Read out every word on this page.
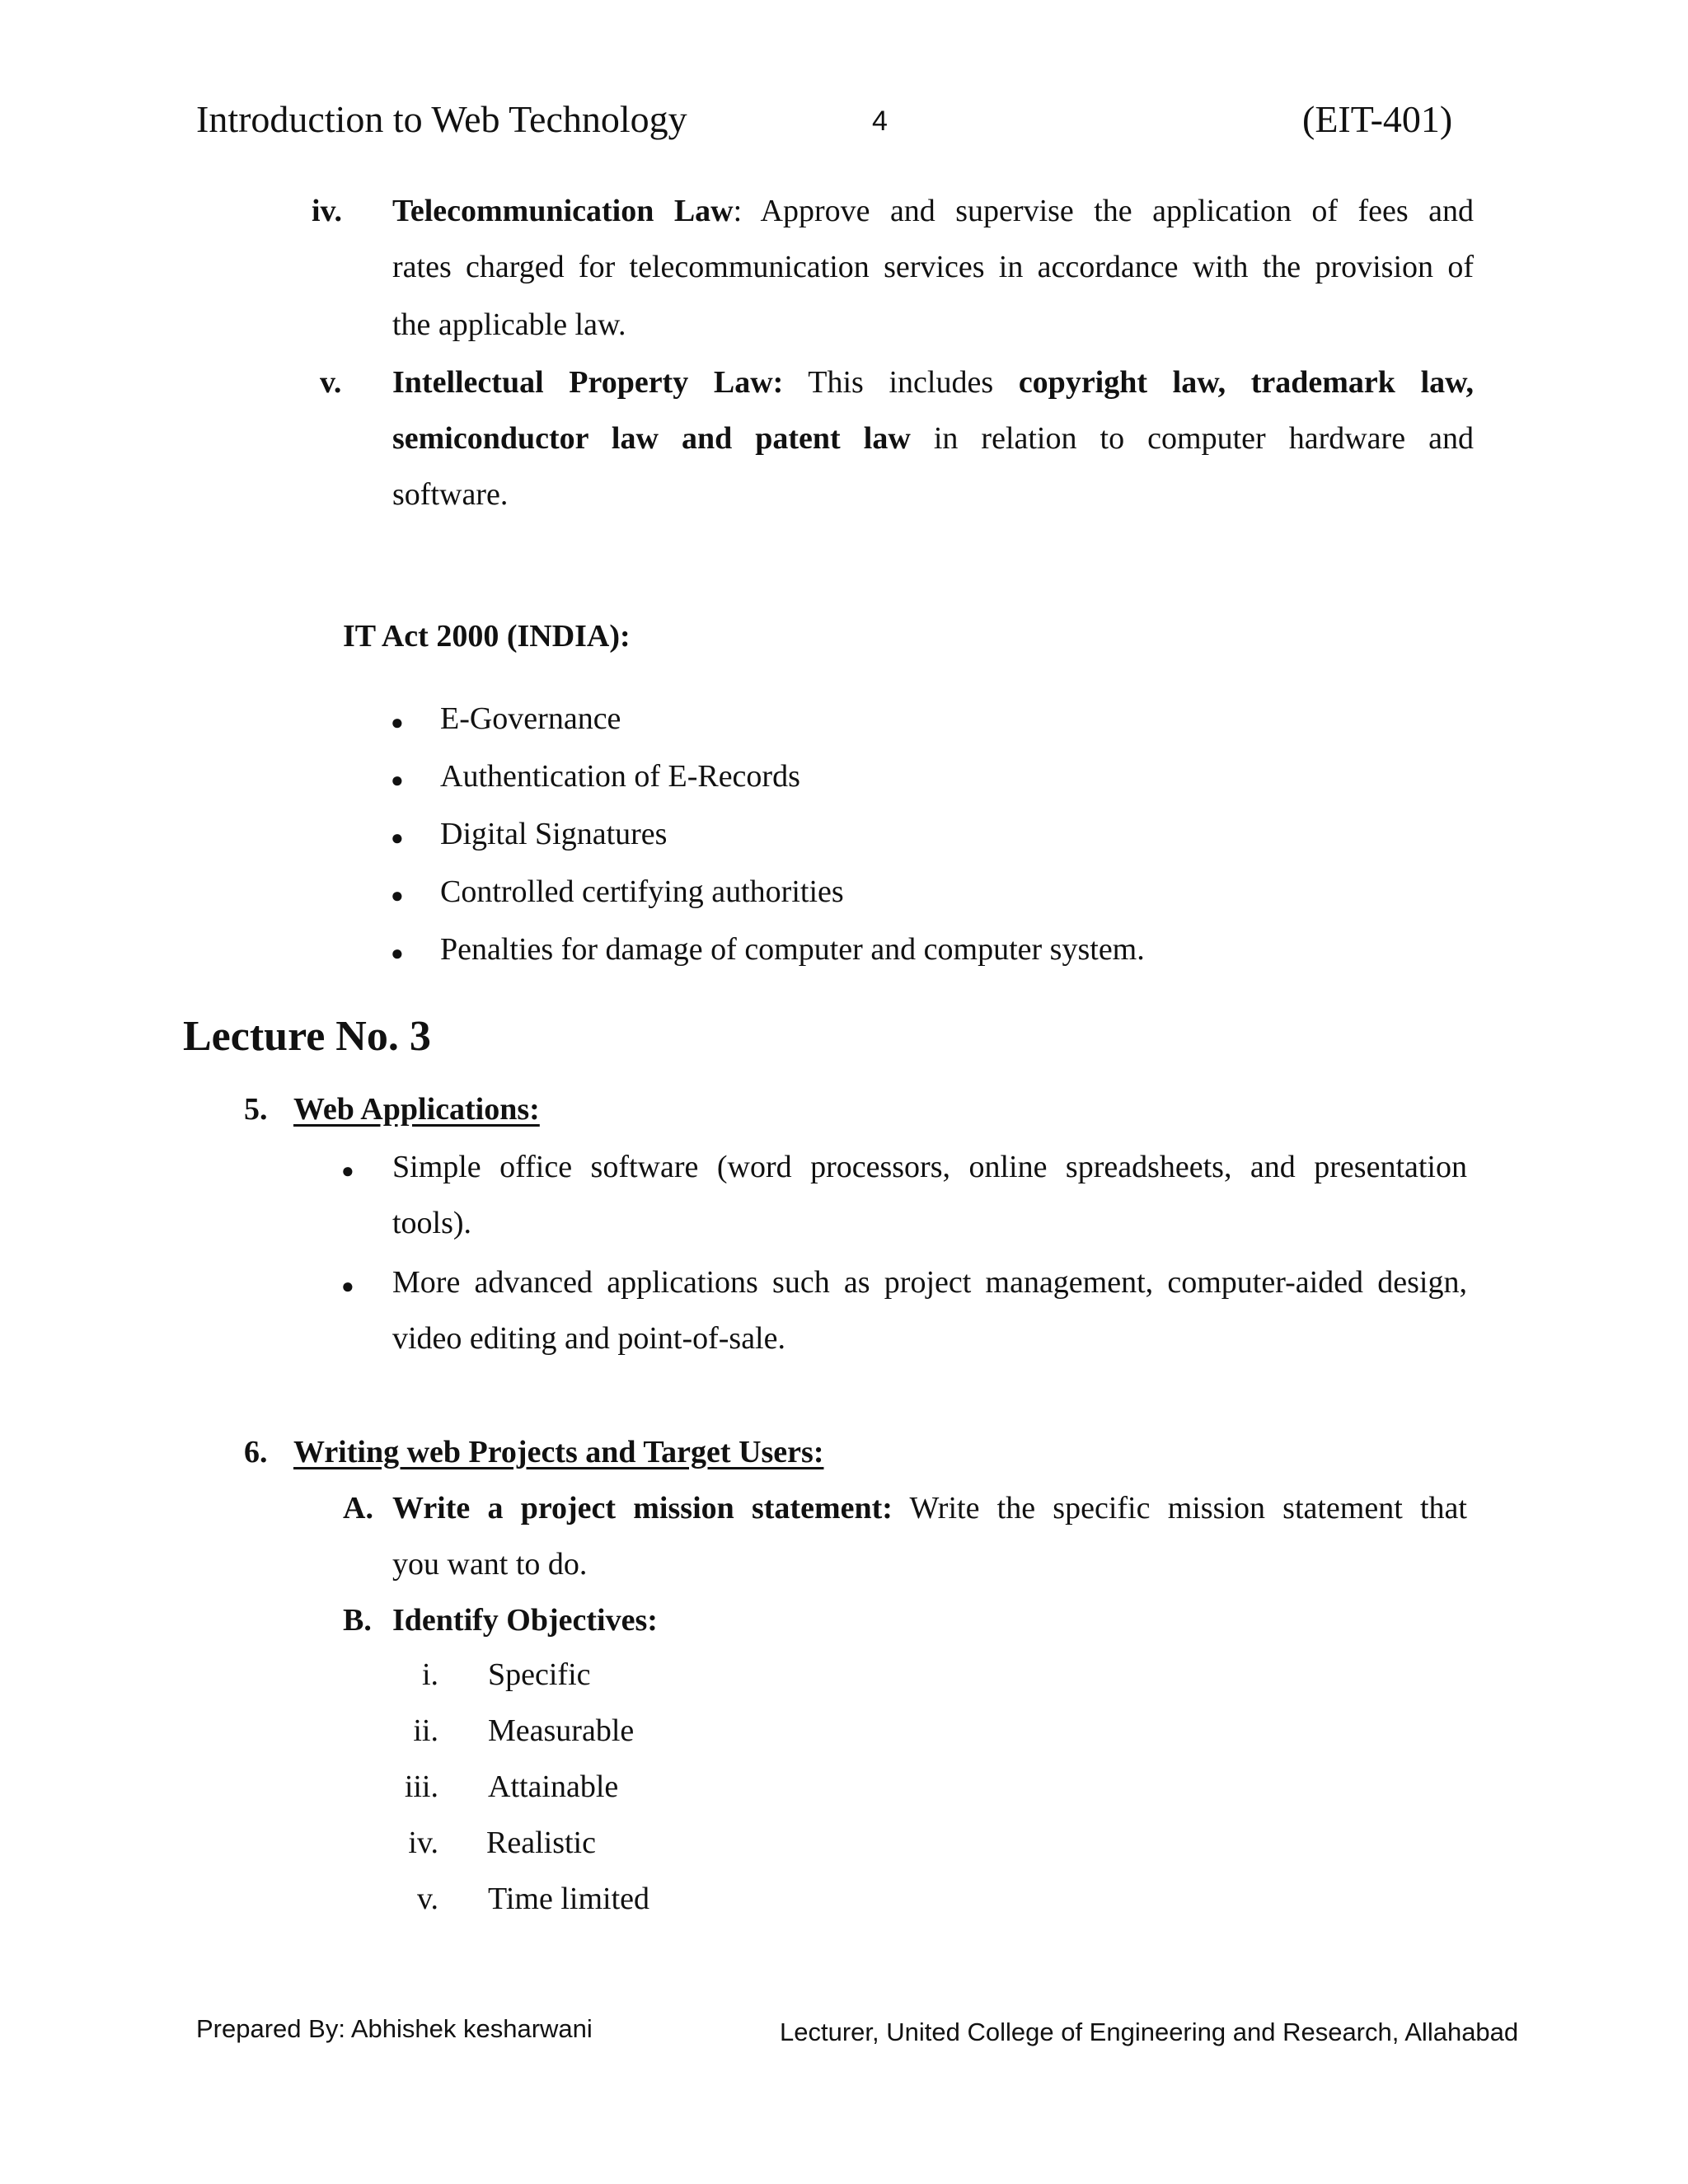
Introduction to Web Technology	4	(EIT-401)
iv. Telecommunication Law: Approve and supervise the application of fees and
rates charged for telecommunication services in accordance with the provision of
the applicable law.
v. Intellectual Property Law: This includes copyright law, trademark law,
semiconductor law and patent law in relation to computer hardware and
software.
IT Act 2000 (INDIA):
● E-Governance
● Authentication of E-Records
● Digital Signatures
● Controlled certifying authorities
● Penalties for damage of computer and computer system.
Lecture No. 3
5. Web Applications:
● Simple office software (word processors, online spreadsheets, and presentation
tools).
● More advanced applications such as project management, computer-aided design,
video editing and point-of-sale.
6. Writing web Projects and Target Users:
A. Write a project mission statement: Write the specific mission statement that
you want to do.
B. Identify Objectives:
i. Specific
ii. Measurable
iii. Attainable
iv. Realistic
v. Time limited
Prepared By: Abhishek kesharwani	Lecturer, United College of Engineering and Research, Allahabad
